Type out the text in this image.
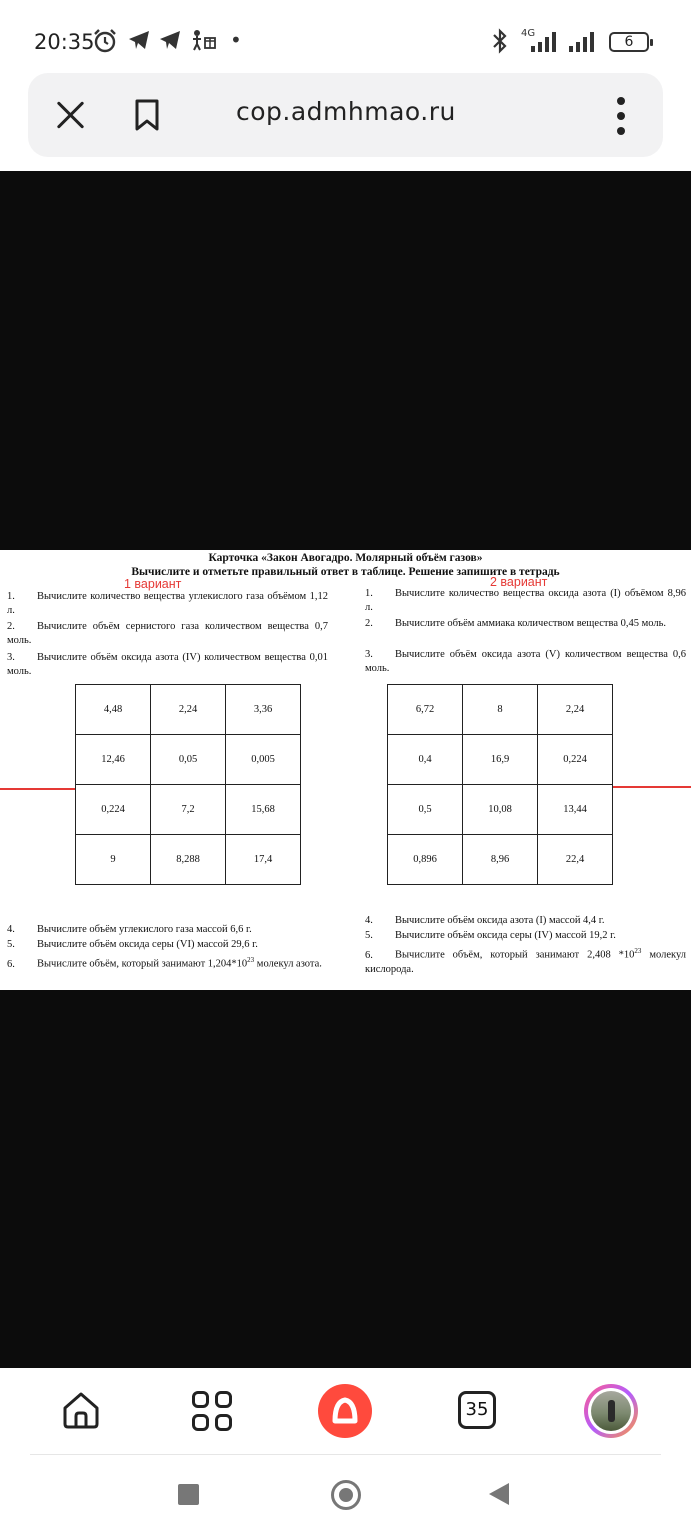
20:35	•	4G
6
cop.admhmao.ru
Карточка «Закон Авогадро. Молярный объём газов»
Вычислите и отметьте правильный ответ в таблице. Решение запишите в тетрадь
1 вариант	2 вариант
1. Вычислите количество вещества углекислого газа объёмом 1,12 л.
2. Вычислите объём сернистого газа количеством вещества 0,7 моль.
3. Вычислите объём оксида азота (IV) количеством вещества 0,01 моль.
1. Вычислите количество вещества оксида азота (I) объёмом 8,96 л.
2. Вычислите объём аммиака количеством вещества 0,45 моль.
3. Вычислите объём оксида азота (V) количеством вещества 0,6 моль.
4,48	2,24	3,36
12,46	0,05	0,005
0,224	7,2	15,68
9	8,288	17,4
6,72	8	2,24
0,4	16,9	0,224
0,5	10,08	13,44
0,896	8,96	22,4
4. Вычислите объём углекислого газа массой 6,6 г.
5. Вычислите объём оксида серы (VI) массой 29,6 г.
6. Вычислите объём, который занимают $1,204*10^{23}$ молекул азота.
4. Вычислите объём оксида азота (I) массой 4,4 г.
5. Вычислите объём оксида серы (IV) массой 19,2 г.
6. Вычислите объём, который занимают 2,408 $*10^{23}$ молекул кислорода.
35
